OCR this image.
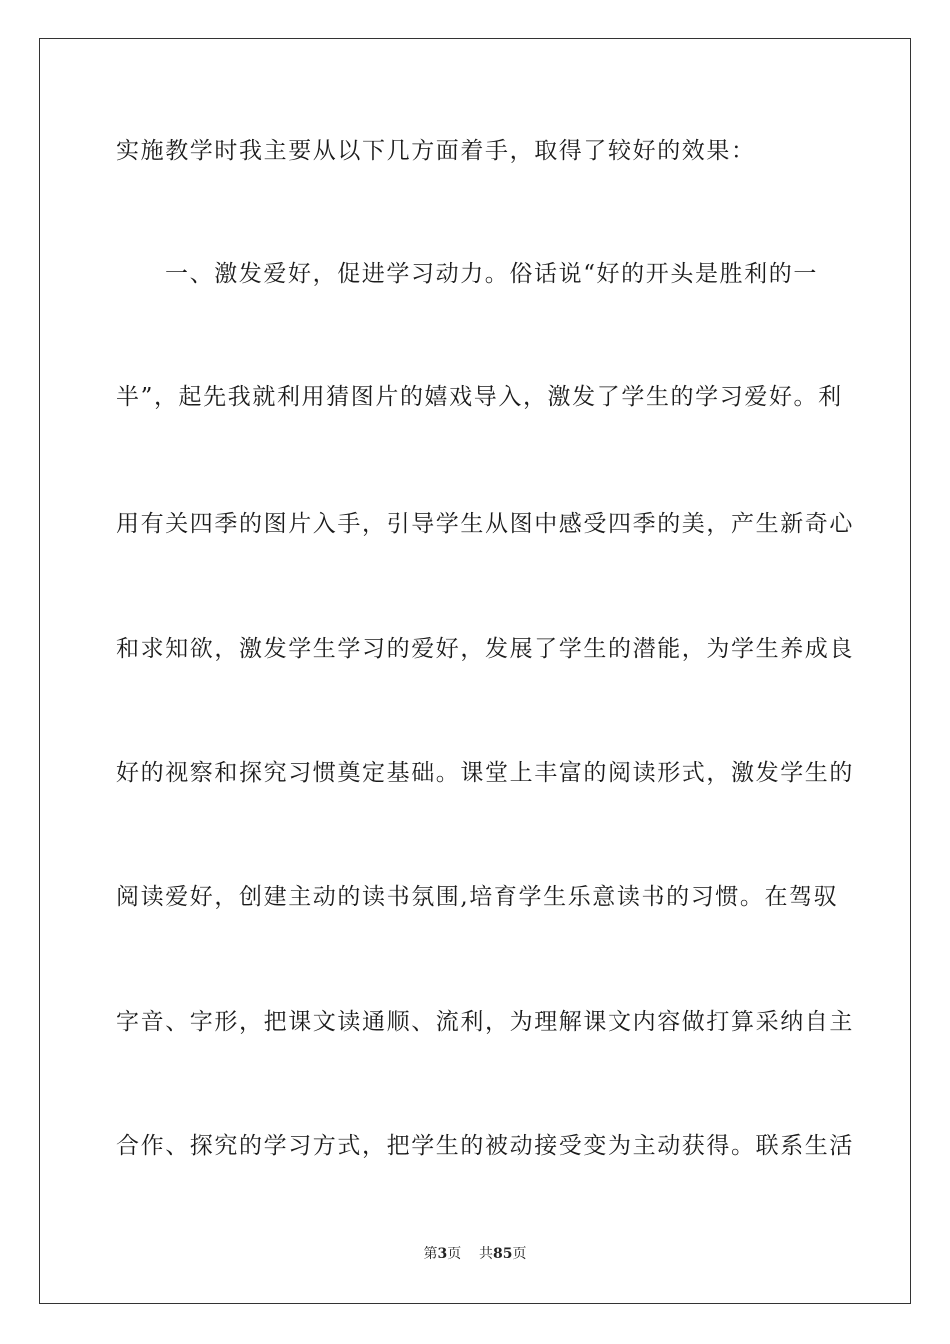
实施教学时我主要从以下几方面着手，取得了较好的效果：
一、激发爱好，促进学习动力。俗话说“好的开头是胜利的一
半”，起先我就利用猜图片的嬉戏导入，激发了学生的学习爱好。利
用有关四季的图片入手，引导学生从图中感受四季的美，产生新奇心
和求知欲，激发学生学习的爱好，发展了学生的潜能，为学生养成良
好的视察和探究习惯奠定基础。课堂上丰富的阅读形式，激发学生的
阅读爱好，创建主动的读书氛围,培育学生乐意读书的习惯。在驾驭
字音、字形，把课文读通顺、流利，为理解课文内容做打算采纳自主
合作、探究的学习方式，把学生的被动接受变为主动获得。联系生活
第3页 共85页
